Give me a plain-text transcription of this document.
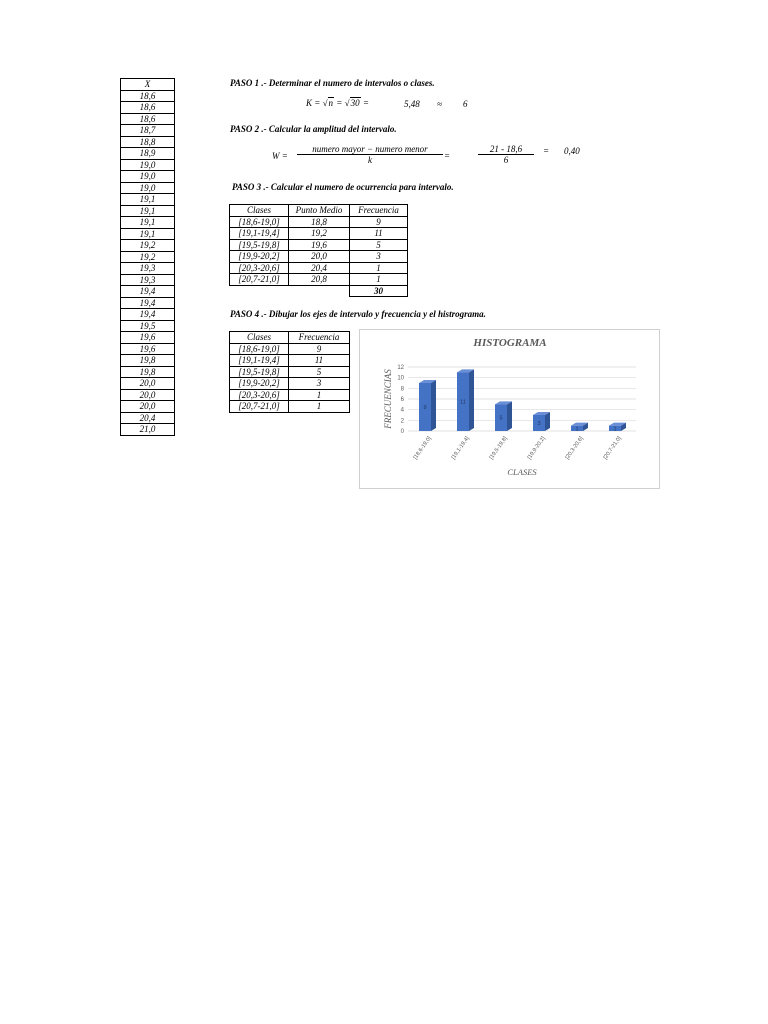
X
18,6
18,6
18,6
18,7
18,8
18,9
19,0
19,0
19,0
19,1
19,1
19,1
19,1
19,2
19,2
19,3
19,3
19,4
19,4
19,4
19,5
19,6
19,6
19,8
19,8
20,0
20,0
20,0
20,4
21,0
PASO 1 .- Determinar el numero de intervalos o clases.
K = √n = √30 =	5,48 ≈ 6
PASO 2 .- Calcular la amplitud del intervalo.
W =
numero mayor − numero menor
k	=	$\frac{21 - 18,6}{6} = 0,40$
PASO 3 .- Calcular el numero de ocurrencia para intervalo.
Clases	Punto Medio	Frecuencia
[18,6-19,0]	18,8	9
[19,1-19,4]	19,2	11
[19,5-19,8]	19,6	5
[19,9-20,2]	20,0	3
[20,3-20,6]	20,4	1
[20,7-21,0]	20,8	1
		30
PASO 4 .- Dibujar los ejes de intervalo y frecuencia y el histrograma.
Clases	Frecuencia
[18,6-19,0]	9
[19,1-19,4]	11
[19,5-19,8]	5
[19,9-20,2]	3
[20,3-20,6]	1
[20,7-21,0]	1
HISTOGRAMA
0
2
4
6
8
10
12
FRECUENCIAS	9
[18,6-19,0]
11
[19,1-19,4]
5
[19,5-19,8]
3
[19,9-20,2]
1
[20,3-20,6]
1
[20,7-21,0]
CLASES
